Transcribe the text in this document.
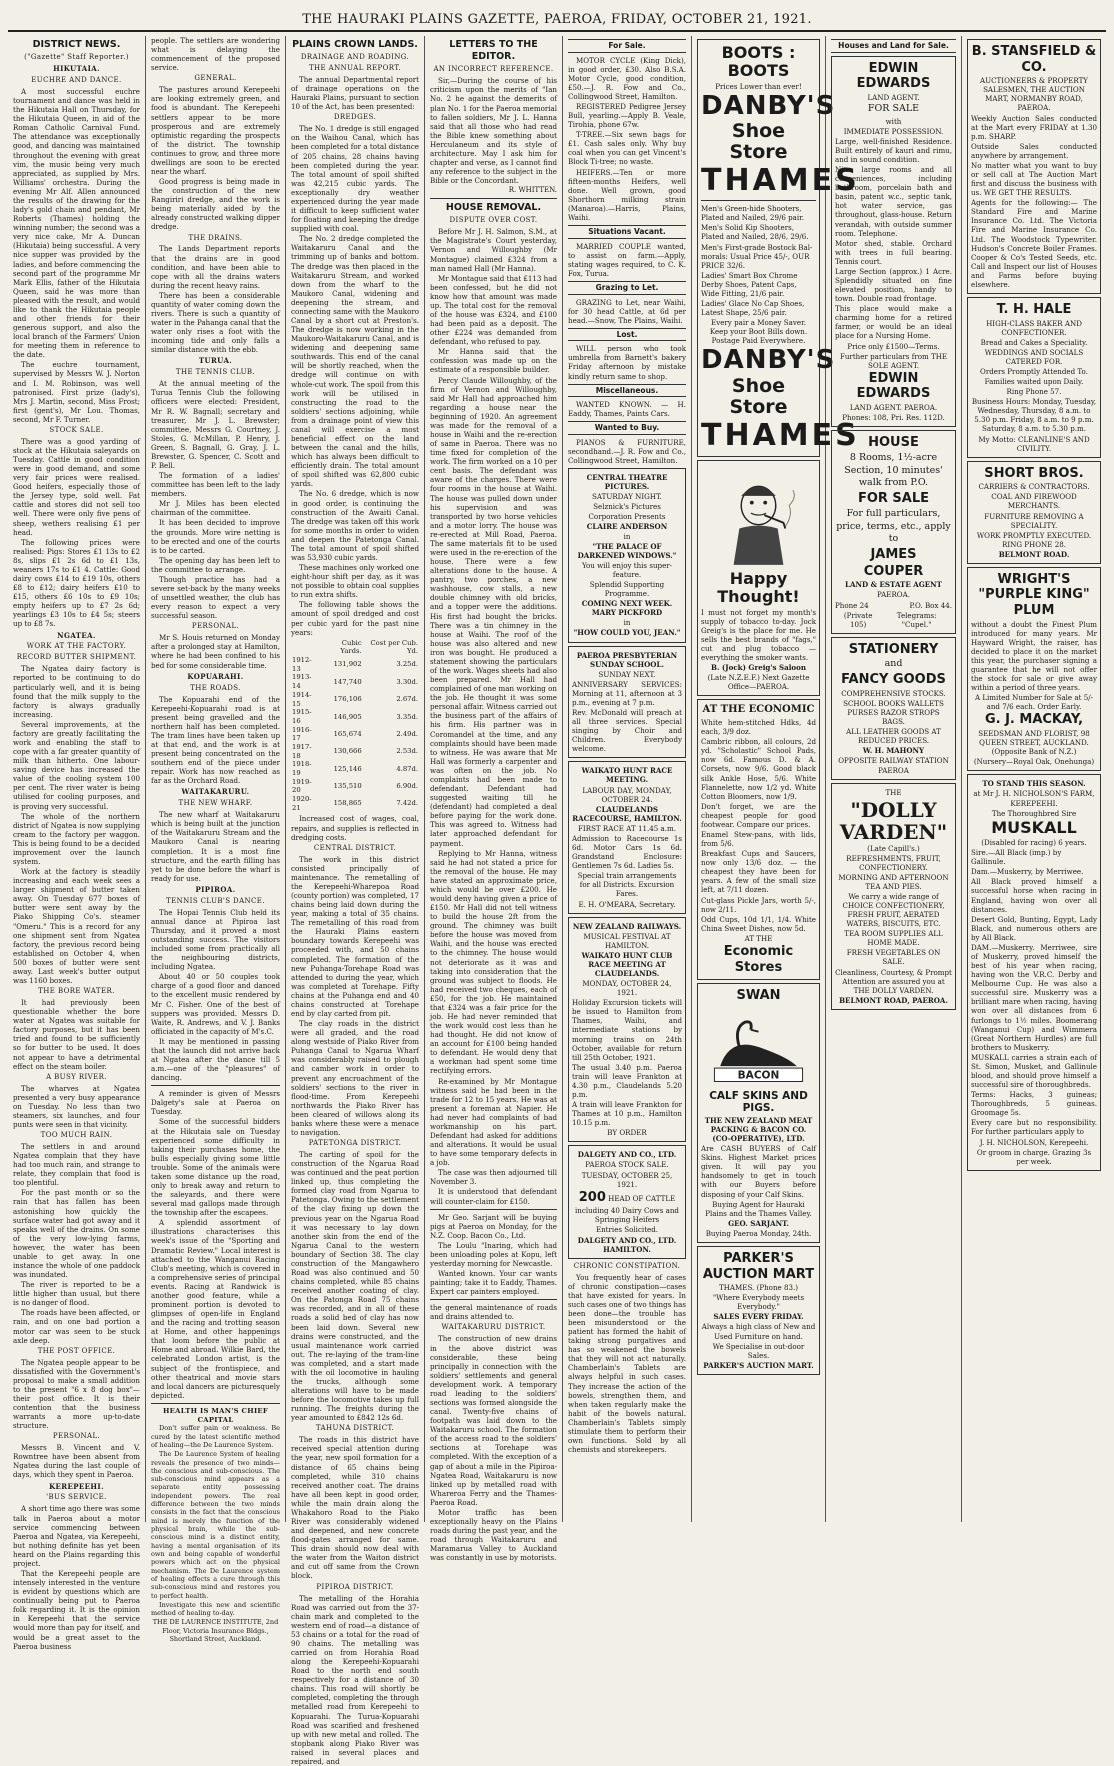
THE HAURAKI PLAINS GAZETTE, PAEROA, FRIDAY, OCTOBER 21, 1921.
DISTRICT NEWS.
("Gazette" Staff Reporter.)
HIKUTAIA.
EUCHRE AND DANCE.

A most successful euchre tournament and dance was held in the Hikutaia Hall on Thursday, for the Hikutaia Queen, in aid of the Roman Catholic Carnival Fund. The attendance was exceptionally good, and dancing was maintained throughout the evening with great vim, the music being very much appreciated, as supplied by Mrs. Williams' orchestra. During the evening Mr Alf. Allen announced the results of the drawing for the lady's gold chain and pendant, Mr Roberts (Thames) holding the winning number; the second was a very nice cake, Mr A. Duncan (Hikutaia) being successful. A very nice supper was provided by the ladies, and before commencing the second part of the programme Mr Mark Ellis, father of the Hikutaia Queen, said he was more than pleased with the result, and would like to thank the Hikutaia people and other friends for their generous support, and also the local branch of the Farmers' Union for meeting them in reference to the date.

The euchre tournament, supervised by Messrs W. J. Norton and I. M. Robinson, was well patronised. First prize (lady's), Mrs J. Martin, second, Miss Frost; first (gent's), Mr Lou. Thomas, second, Mr F. Turner.

STOCK SALE.

There was a good yarding of stock at the Hikutaia saleyards on Tuesday. Cattle in good condition were in good demand, and some very fair prices were realised. Good heifers, especially those of the Jersey type, sold well. Fat cattle and stores did not sell too well. There were only five pens of sheep, wethers realising £1 per head.

The following prices were realised: Pigs: Stores £1 13s to £2 8s, slips £1 2s 6d to £1 13s, weaners 17s to £1 4. Cattle: Good dairy cows £14 to £19 10s, others £8 to £12; dairy heifers £10 to £15, others £6 10s to £9 10s; empty heifers up to £7 2s 6d; yearlings £3 10s to £4 5s; steers up to £8 7s.

NGATEA.
WORK AT THE FACTORY.
RECORD BUTTER SHIPMENT.

The Ngatea dairy factory is reported to be continuing to do particularly well, and it is being found that the milk supply to the factory is always gradually increasing.

Several improvements, at the factory are greatly facilitating the work and enabling the staff to cope with a far greater quantity of milk than hitherto. One labour-saving device has increased the value of the cooling system 100 per cent. The river water is being utilised for cooling purposes, and is proving very successful.

The whole of the northern district of Ngatea is now supplying cream to the factory per waggon. This is being found to be a decided improvement over the launch system.

Work at the factory is steadily increasing and each week sees a larger shipment of butter taken away. On Tuesday 677 boxes of butter were sent away by the Piako Shipping Co's. steamer "Omeru." This is a record for any one shipment sent from Ngatea factory, the previous record being established on October 4, when 500 boxes of butter were sent away. Last week's butter output was 1160 boxes.

THE BORE WATER.

It had previously been questionable whether the bore water at Ngatea was suitable for factory purposes, but it has been tried and found to be sufficiently so for butter to be used. It does not appear to have a detrimental effect on the steam boiler.

A BUSY RIVER.

The wharves at Ngatea presented a very busy appearance on Tuesday. No less than two steamers, six launches, and four punts were seen in that vicinity.

TOO MUCH RAIN.

The settlers in and around Ngatea complain that they have had too much rain, and strange to relate, they complain that food is too plentiful.

For the past month or so the rain that has fallen has been astonishing how quickly the surface water had got away and it speaks well of the drains. On some of the very low-lying farms, however, the water has been unable to get away. In one instance the whole of one paddock was inundated.

The river is reported to be a little higher than usual, but there is no danger of flood.

The roads have been affected, or rain, and on one bad portion a motor car was seen to be stuck axle deep.

THE POST OFFICE.

The Ngatea people appear to be dissatisfied with the Government's proposal to make a small addition to the present "6 x 8 dog box"—their post office. It is their contention that the business warrants a more up-to-date structure.

PERSONAL.

Messrs B. Vincent and V. Rowntree have been absent from Ngatea during the last couple of days, which they spent in Paeroa.

KEREPEEHI.
'BUS SERVICE.

A short time ago there was some talk in Paeroa about a motor service commencing between Paeroa and Ngatea, via Kerepeehi, but nothing definite has yet been heard on the Plains regarding this project.

That the Kerepeehi people are intensely interested in the venture is evident by questions which are continually being put to Paeroa folk regarding it. It is the opinion in Kerepeehi that the service would more than pay for itself, and would be a great asset to the Paeroa business

people. The settlers are wondering what is delaying the commencement of the proposed service.

GENERAL.

The pastures around Kerepeehi are looking extremely green, and food is abundant. The Kerepeehi settlers appear to be more prosperous and are extremely optimistic regarding the prospects of the district. The township continues to grow, and three more dwellings are soon to be erected near the wharf.

Good progress is being made in the construction of the new Rangiriri dredge, and the work is being materially aided by the already constructed walking dipper dredge.

THE DRAINS.

The Lands Department reports that the drains are in good condition, and have been able to cope with all the drains waters during the recent heavy rains.

There has been a considerable quantity of water coming down the rivers. There is such a quantity of water in the Pahanga canal that the water only rises a foot with the incoming tide and only falls a similar distance with the ebb.

TURUA.
THE TENNIS CLUB.

At the annual meeting of the Turua Tennis Club the following officers were elected: President, Mr R. W. Bagnall; secretary and treasurer, Mr J. L. Brewster; committee, Messrs G. Courtney, J. Stoles, G. McMillan, P. Henry, J. Green, S. Bagnall, G. Gray, J. L. Brewster, G. Spencer, C. Scott and P. Bell.

The formation of a ladies' committee has been left to the lady members.

Mr J. Miles has been elected chairman of the committee.

It has been decided to improve the grounds. More wire netting is to be erected and one of the courts is to be carted.

The opening day has been left to the committee to arrange.

Though practice has had a severe set-back by the many weeks of unsettled weather, the club has every reason to expect a very successful season.

PERSONAL.

Mr S. Houis returned on Monday after a prolonged stay at Hamilton, where he had been confined to his bed for some considerable time.

KOPUARAHI.
THE ROADS.

The Kopuarahi end of the Kerepeehi-Kopuarahi road is at present being gravelled and the northern half has been completed. The tram lines have been taken up at that end, and the work is at present being concentrated on the southern end of the piece under repair. Work has now reached as far as the Orchard Road.

WAITAKARURU.
THE NEW WHARF.

The new wharf at Waitakaruru which is being built at the junction of the Waitakaruru Stream and the Maukoro Canal is nearing completion. It is a most fine structure, and the earth filling has yet to be done before the wharf is ready for use.

PIPIROA.
TENNIS CLUB'S DANCE.

The Hopai Tennis Club held its annual dance at Pipiroa last Thursday, and it proved a most outstanding success. The visitors included some from practically all the neighbouring districts, including Ngatea.

About 40 or 50 couples took charge of a good floor and danced to the excellent music rendered by Mr C. Fisher. One of the best of suppers was provided. Messrs D. Waite, R. Andrews, and V. J. Banks officiated in the capacity of M's.C.

It may be mentioned in passing that the launch did not arrive back at Ngatea after the dance till 5 a.m.—one of the "pleasures" of dancing.

A reminder is given of Messrs Dalgety's sale at Paeroa on Tuesday.

Some of the successful bidders at the Hikutaia sale on Tuesday experienced some difficulty in taking their purchases home, the bulls especially giving some little trouble. Some of the animals were taken some distance up the road, only to break away and return to the saleyards, and there were several mad gallops made through the township after the escapees.

A splendid assortment of illustrations characterises this week's issue of the "Sporting and Dramatic Review." Local interest is attached to the Wanganui Racing Club's meeting, which is covered in a comprehensive series of principal events. Racing at Randwick is another good feature, while a prominent portion is devoted to glimpses of open-life in England and the racing and trotting season at Home, and other happenings that loom before the public at Home and abroad. Wilkie Bard, the celebrated London artist, is the subject of the frontispiece, and other theatrical and movie stars and local dancers are picturesquely depicted.

HEALTH IS MAN'S CHIEF CAPITAL

Don't suffer pain or weakness. Be cured by the latest scientific method of healing—the De Laurence System.

The De Laurence System of healing reveals the presence of two minds—the conscious and sub-conscious. The sub-conscious mind appears as a separate entity possessing independent powers. The real difference between the two minds consists in the fact that the conscious mind is merely the function of the physical brain, while the sub-conscious mind is a distinct entity, having a mental organisation of its own and being capable of wonderful powers which act on the physical mechanism. The De Laurence system of healing effects a cure through this sub-conscious mind and restores you to perfect health.

Investigate this new and scientific method of healing to-day.

THE DE LAURENCE INSTITUTE, 2nd Floor, Victoria Insurance Bldgs., Shortland Street, Auckland.

PLAINS CROWN LANDS.
DRAINAGE AND ROADING.
THE ANNUAL REPORT.

The annual Departmental report of drainage operations on the Hauraki Plains, pursuant to section 10 of the Act, has been presented:

DREDGES.

The No. 1 dredge is still engaged on the Waihou Canal, which has been completed for a total distance of 205 chains, 28 chains having been completed during the year. The total amount of spoil shifted was 42,215 cubic yards. The exceptionally dry weather experienced during the year made it difficult to keep sufficient water for floating and keeping the dredge supplied with coal.

The No. 2 dredge completed the Waitakaruru Canal and the trimming up of banks and bottom. The dredge was then placed in the Waitakaruru Stream, and worked down from the wharf to the Maukoro Canal, widening and deepening the stream, and connecting same with the Maukoro Canal by a short cut at Preston's. The dredge is now working in the Maukoro-Waitakaruru Canal, and is widening and deepening same southwards. This end of the canal will be shortly reached, when the dredge will continue on with whole-cut work. The spoil from this work will be utilised in constructing the road to the soldiers' sections adjoining, while from a drainage point of view this canal will exercise a most beneficial effect on the land between the canal and the hills, which has always been difficult to efficiently drain. The total amount of spoil shifted was 62,800 cubic yards.

The No. 6 dredge, which is now in good order, is continuing the construction of the Awaiti Canal. The dredge was taken off this work for some months in order to widen and deepen the Patetonga Canal. The total amount of spoil shifted was 53,930 cubic yards.

These machines only worked one eight-hour shift per day, as it was not possible to obtain coal supplies to run extra shifts.

The following table shows the amount of spoil dredged and cost per cubic yard for the past nine years:

	Cubic Yards.	Cost per Cub. Yd.
1912-13	131,902	3.25d.
1913-14	147,740	3.30d.
1914-15	176,106	2.67d.
1915-16	146,905	3.35d.
1916-17	165,674	2.49d.
1917-18	130,666	2.53d.
1918-19	125,146	4.87d.
1919-20	135,510	6.90d.
1920-21	158,865	7.42d.

Increased cost of wages, coal, repairs, and supplies is reflected in dredging costs.

CENTRAL DISTRICT.

The work in this district consisted principally of maintenance. The remetalling of the Kerepeehi-Wharepoa Road (county portion) was completed, 17 chains being laid down during the year, making a total of 35 chains. The remetalling of this road from the Hauraki Plains eastern boundary towards Kerepeehi was proceeded with, and 50 chains completed. The formation of the new Puhanga-Torehape Road was attended to during the year, which was completed at Torehape. Fifty chains at the Puhanga end and 40 chains constructed at Torehape end by clay carted from pit.

The clay roads in the district were all graded, and the road along westside of Piako River from Puhanga Canal to Ngarua Wharf was considerably raised to plough and camber work in order to prevent any encroachment of the soldiers' sections to the river in flood-time. From Kerepeehi northwards the Piako River has been cleared of willows along its banks where these were a menace to navigation.

PATETONGA DISTRICT.

The carting of spoil for the construction of the Ngarua Road was continued and the peat portion linked up, thus completing the formed clay road from Ngarua to Patetonga. Owing to the settlement of the clay fixing up down the previous year on the Ngarua Road it was necessary to lay down another skin from the end of the Ngarua Canal to the western boundary of Section 38. The clay construction of the Mangawhero Road was also continued and 50 chains completed, while 85 chains received another coating of clay. On the Patonga Road 75 chains was recorded, and in all of these roads a solid bed of clay has now been laid down. Several new drains were constructed, and the usual maintenance work carried out. The re-laying of the tram-line was completed, and a start made with the oil locomotive in hauling the trucks, although some alterations will have to be made before the locomotive takes up full running. The freights during the year amounted to £842 12s 6d.

TAHUNA DISTRICT.

The roads in this district have received special attention during the year, new spoil formation for a distance of 65 chains being completed, while 310 chains received another coat. The drains have all been kept in good order, while the main drain along the Whakahoro Road to the Piako River was considerably widened and deepened, and new concrete flood-gates arranged for same. This drain should now deal with the water from the Waiton district and cut off same from the Crown block.

PIPIROA DISTRICT.

The metalling of the Horahia Road was carried out from the 37-chain mark and completed to the western end of road—a distance of 53 chains or a total for the road of 90 chains. The metalling was carried on from Horahia Road along the Kerepeehi-Kopuarahi Road to the north end south respectively for a distance of 30 chains. This road will shortly be completed, completing the through metalled road from Kerepeehi to Kopuarahi. The Turua-Kopuarahi Road was scarified and freshened up with new metal and rolled. The stopbank along Piako River was raised in several places and repaired, and

LETTERS TO THE EDITOR.
AN INCORRECT REFERENCE.

Sir,—During the course of his criticism upon the merits of "Ian No. 2 he against the demerits of plan No. 1 for the Paeroa memorial to fallen soldiers, Mr J. L. Hanna said that all those who had read the Bible knew something about Herculaneum and its style of architecture. May I ask him for chapter and verse, as I cannot find any reference to the subject in the Bible or the Concordant.

R. WHITTEN.
HOUSE REMOVAL.
DISPUTE OVER COST.

Before Mr J. H. Salmon, S.M., at the Magistrate's Court yesterday, Vernon and Willoughby (Mr Montague) claimed £324 from a man named Hall (Mr Hanna).

Mr Montague said that £113 had been confessed, but he did not know how that amount was made up. The total cost for the removal of the house was £324, and £100 had been paid as a deposit. The other £224 was demanded from defendant, who refused to pay.

Mr Hanna said that the confession was made up on the estimate of a responsible builder.

Percy Claude Willoughby, of the firm of Vernon and Willoughby, said Mr Hall had approached him regarding a house near the beginning of 1920. An agreement was made for the removal of a house in Waihi and the re-erection of same in Paeroa. There was no time fixed for completion of the work. The firm worked on a 10 per cent basis. The defendant was aware of the charges. There were four rooms in the house at Waihi. The house was pulled down under his supervision and was transported by two horse vehicles and a motor lorry. The house was re-erected at Mill Road, Paeroa. The same materials fit to be used were used in the re-erection of the house. There were a few alterations done to the house. A pantry, two porches, a new washhouse, cow stalls, a new double chimney with old bricks, and a topper were the additions. His first had bought the bricks. There was a tin chimney in the house at Waihi. The roof of the house was also altered and new iron was bought. He produced a statement showing the particulars of the work. Wages sheets had also been prepared. Mr Hall had complained of one man working on the job. He thought it was some personal affair. Witness carried out the business part of the affairs of his firm. His partner was in Coromandel at the time, and any complaints should have been made to witness. He was aware that Mr Hall was formerly a carpenter and was often on the job. No complaints had been made to defendant. Defendant had suggested waiting till he (defendant) had completed a deal before paying for the work done. This was agreed to. Witness had later approached defendant for payment.

Replying to Mr Hanna, witness said he had not stated a price for the removal of the house. He may have stated an approximate price, which would be over £200. He would deny having given a price of £150. Mr Hall did not tell witness to build the house 2ft from the ground. The chimney was built before the house was moved from Waihi, and the house was erected to the chimney. The house would not deteriorate as it was and taking into consideration that the ground was subject to floods. He had received two cheques, each of £50, for the job. He maintained that £324 was a fair price for the job. He had never reminded that the work would cost less than he had thought. He did not know of an account for £100 being handed to defendant. He would deny that a workman had spent some time rectifying errors.

Re-examined by Mr Montague witness said he had been in the trade for 12 to 15 years. He was at present a foreman at Napier. He had never had complaints of bad workmanship on his part. Defendant had asked for additions and alterations. It would be usual to have some temporary defects in a job.

The case was then adjourned till November 3.

It is understood that defendant will counter-claim for £150.

Mr Geo. Sarjant will be buying pigs at Paeroa on Monday, for the N.Z. Coop. Bacon Co., Ltd.

The Loulu "Inaring, which had been unloading poles at Kopu, left yesterday morning for Newcastle.

Wanted known. Your car wants painting; take it to Eaddy, Thames. Expert car painters employed.

the general maintenance of roads and drains attended to.

WAITAKARURU DISTRICT.

The construction of new drains in the above district was considerable, these being principally in connection with the soldiers' settlements and general development work. A temporary road leading to the soldiers' sections was formed alongside the canal. Twenty-five chains of footpath was laid down to the Waitakaruru school. The formation of the access road to the soldiers' sections at Torehape was completed. With the exception of a gap of about a mile in the Pipiroa-Ngatea Road, Waitakaruru is now linked up by metalled road with Whareroa Ferry and the Thames-Paeroa Road.

Motor traffic has been exceptionally heavy on the Plains roads during the past year, and the road through Waitakaruru and Maramarua Valley to Auckland was constantly in use by motorists.

For Sale.

MOTOR CYCLE (King Dick), in good order, £30. Also B.S.A. Motor Cycle, good condition, £50.—J. R. Fow and Co., Collingwood Street, Hamilton.

REGISTERED Pedigree Jersey Bull, yearling.—Apply B. Veale, Tirohia, phone 67w.

T-TREE.—Six sewn bags for £1. Cash sales only. Why buy coal when you can get Vincent's Block Ti-tree; no waste.

HEIFERS.—Ten or more fifteen-months Heifers, well done. Well grown, good Shorthorn milking strain (Manaroa).—Harris, Plains, Waihi.

Situations Vacant.

MARRIED COUPLE wanted, to assist on farm.—Apply, stating wages required, to C. K. Fox, Turua.

Grazing to Let.

GRAZING to Let, near Waihi, for 30 head Cattle, at 6d per head.—Snow, The Plains, Waihi.

Lost.

WILL person who took umbrella from Barnett's bakery Friday afternoon by mistake kindly return same to shop.

Miscellaneous.

WANTED KNOWN. — H. Eaddy, Thames, Paints Cars.

Wanted to Buy.

PIANOS & FURNITURE, secondhand.—J. R. Fow and Co., Collingwood Street, Hamilton.

CENTRAL THEATRE PICTURES.

SATURDAY NIGHT.

Selznick's Pictures Corporation Presents

CLAIRE ANDERSON

in

"THE PALACE OF DARKENED WINDOWS."

You will enjoy this super-feature.

Splendid Supporting Programme.

COMING NEXT WEEK. MARY PICKFORD

in

"HOW COULD YOU, JEAN."

PAEROA PRESBYTERIAN SUNDAY SCHOOL.

SUNDAY NEXT.

ANNIVERSARY SERVICES: Morning at 11, afternoon at 3 p.m., evening at 7 p.m.

Rev. McDonald will preach at all three services. Special singing by Choir and Children. Everybody welcome.

WAIKATO HUNT RACE MEETING.

LABOUR DAY, MONDAY, OCTOBER 24.

CLAUDELANDS RACECOURSE, HAMILTON.

FIRST RACE AT 11.45 a.m.

Admission to Racecourse 1s 6d. Motor Cars 1s 6d. Grandstand Enclosure: Gentlemen 7s 6d. Ladies 5s.

Special train arrangements for all Districts. Excursion Fares.

E. H. O'MEARA, Secretary.

NEW ZEALAND RAILWAYS.

MUSICAL FESTIVAL AT HAMILTON.

WAIKATO HUNT CLUB RACE MEETING AT CLAUDELANDS.

MONDAY, OCTOBER 24, 1921.

Holiday Excursion tickets will be issued to Hamilton from Thames, Waihi, and intermediate stations by morning trains on 24th October, available for return till 25th October, 1921.

The usual 3.40 p.m. Paeroa train will leave Frankton at 4.30 p.m., Claudelands 5.20 p.m.

A train will leave Frankton for Thames at 10 p.m., Hamilton 10.15 p.m.

BY ORDER

DALGETY AND CO., LTD.

PAEROA STOCK SALE.

TUESDAY, OCTOBER 25, 1921.

200 HEAD OF CATTLE

including 40 Dairy Cows and Springing Heifers

Entries Solicited.

DALGETY AND CO., LTD. HAMILTON.

CHRONIC CONSTIPATION.

You frequently hear of cases of chronic constipation—cases that have existed for years. In such cases one of two things has been done—the trouble has been misunderstood or the patient has formed the habit of taking strong purgatives and has so weakened the bowels that they will not act naturally. Chamberlain's Tablets are always helpful in such cases. They increase the action of the bowels, strengthen them, and when taken regularly make the habit of the bowels natural. Chamberlain's Tablets simply stimulate them to perform their own functions. Sold by all chemists and storekeepers.

BOOTS : BOOTS

Prices Lower than ever!

DANBY'S

Shoe Store

THAMES

Men's Green-hide Shooters, Plated and Nailed, 29/6 pair.

Men's Solid Kip Shooters, Plated and Nailed, 28/6, 29/6.

Men's First-grade Bostock Bal-morals: Usual Price 45/-, OUR PRICE 32/6.

Ladies' Smart Box Chrome Derby Shoes, Patent Caps, Wide Fitting, 21/6 pair.

Ladies' Glace No Cap Shoes, Latest Shape, 25/6 pair.

Every pair a Money Saver. Keep your Boot Bills down. Postage Paid Everywhere.

DANBY'S

Shoe Store

THAMES

Happy Thought!

I must not forget my month's supply of tobacco to-day. Jock Greig's is the place for me. He sells the best brands of "fags," cut and plug tobacco — everything the smoker wants.

B. (Jock) Greig's Saloon

(Late N.Z.E.F.) Next Gazette Office—PAEROA.

AT THE ECONOMIC

White hem-stitched Hdks, 4d each, 3/9 doz.

Cambric ribbon, all colours, 2d yd. "Scholastic" School Pads, now 6d. Famous D. & A. Corsets, now 9/6. Good black silk Ankle Hose, 5/6. White Flannelette, now 1/2 yd. White Cotton Bloomers, now 1/9.

Don't forget, we are the cheapest people for good footwear. Compare our prices.

Enamel Stew-pans, with lids, from 5/6.

Breakfast Cups and Saucers, now only 13/6 doz. — the cheapest they have been for years. A few of the small size left, at 7/11 dozen.

Cut-glass Pickle Jars, worth 5/-, now 2/11.

Odd Cups, 10d 1/1, 1/4. White China Sweet Dishes, now 5d.

AT THE

Economic Stores

SWAN

BACON

CALF SKINS AND PIGS.

THE NEW ZEALAND MEAT PACKING & BACON CO. (CO-OPERATIVE), LTD.

Are CASH BUYERS of Calf Skins. Highest Market prices given. It will pay you handsomely to get in touch with our Buyers before disposing of your Calf Skins.

Buying Agent for Hauraki Plains and the Thames Valley.

GEO. SARJANT.

Buying Paeroa Monday, 24th.

PARKER'S AUCTION MART

THAMES. (Phone 83.)

"Where Everybody meets Everybody."

SALES EVERY FRIDAY.

Always a high class of New and Used Furniture on hand.

We Specialise in out-door Sales.

PARKER'S AUCTION MART.

Houses and Land for Sale.

EDWIN EDWARDS

LAND AGENT.

FOR SALE

with

IMMEDIATE POSSESSION.

Large, well-finished Residence. Built entirely of kauri and rimu, and in sound condition.

Nine large rooms and all conveniences, including bathroom, porcelain bath and basin, patent w.c., septic tank, hot water service, gas throughout, glass-house. Return verandah, with outside summer room. Telephone.

Motor shed, stable. Orchard with trees in full bearing. Tennis court.

Large Section (approx.) 1 Acre. Splendidly situated on fine elevated position, handy to town. Double road frontage.

This place would make a charming home for a retired farmer, or would be an ideal place for a Nursing Home.

Price only £1500—Terms.

Further particulars from THE SOLE AGENT.

EDWIN EDWARDS

LAND AGENT. PAEROA.

Phones: 108, Pri. Res. 112D.

HOUSE

8 Rooms, 1½-acre Section, 10 minutes' walk from P.O.

FOR SALE

For full particulars, price, terms, etc., apply to

JAMES

COUPER

LAND & ESTATE AGENT

PAEROA.

Phone 24	P.O. Box 44.

(Private 105)
Telegrams: "Cupel."

STATIONERY

and

FANCY GOODS

COMPREHENSIVE STOCKS.

SCHOOL BOOKS WALLETS PURSES RAZOR STROPS BAGS.

ALL LEATHER GOODS AT REDUCED PRICES.

W. H. MAHONY

OPPOSITE RAILWAY STATION

PAEROA

THE

"DOLLY VARDEN"

(Late Capill's.)

REFRESHMENTS, FRUIT, CONFECTIONERY.

MORNING AND AFTERNOON TEA AND PIES.

We carry a wide range of CHOICE CONFECTIONERY, FRESH FRUIT, AERATED WATERS, BISCUITS, ETC.

TEA ROOM SUPPLIES ALL HOME MADE.

FRESH VEGETABLES ON SALE.

Cleanliness, Courtesy, & Prompt Attention are assured you at THE DOLLY VARDEN.

BELMONT ROAD, PAEROA.

B. STANSFIELD & CO.

AUCTIONEERS & PROPERTY SALESMEN, THE AUCTION MART, NORMANBY ROAD, PAEROA.

Weekly Auction Sales conducted at the Mart every FRIDAY at 1.30 p.m. SHARP.

Outside Sales conducted anywhere by arrangement.

No matter what you want to buy or sell call at The Auction Mart first and discuss the business with us. WE GET THE RESULTS.

Agents for the following:— The Standard Fire and Marine Insurance Co. Ltd. The Victoria Fire and Marine Insurance Co. Ltd. The Woodstock Typewriter. Hudson's Concrete Boiler Frames. Cooper & Co's Tested Seeds, etc. Call and Inspect our list of Houses and Farms before buying elsewhere.

T. H. HALE

HIGH-CLASS BAKER AND CONFECTIONER.

Bread and Cakes a Speciality.

WEDDINGS AND SOCIALS CATERED FOR.

Orders Promptly Attended To.

Families waited upon Daily.

Ring Phone 57.

Business Hours: Monday, Tuesday, Wednesday, Thursday, 8 a.m. to 5.30 p.m. Friday, 8 a.m. to 9 p.m. Saturday, 8 a.m. to 5.30 p.m.

My Motto: CLEANLINE'S AND CIVILITY.

SHORT BROS.

CARRIERS & CONTRACTORS.

COAL AND FIREWOOD MERCHANTS.

FURNITURE REMOVING A SPECIALITY.

WORK PROMPTLY EXECUTED. RING PHONE 28.

BELMONT ROAD.

WRIGHT'S "PURPLE KING" PLUM

without a doubt the Finest Plum introduced for many years. Mr Hayward Wright, the raiser, has decided to place it on the market this year, the purchaser signing a guarantee that he will not offer the stock for sale or give away within a period of three years.

A Limited Number for Sale at 5/- and 7/6 each. Order Early.

G. J. MACKAY,

SEEDSMAN AND FLORIST, 98 QUEEN STREET, AUCKLAND. (Opposite Bank of N.Z.)

(Nursery—Royal Oak, Onehunga)

TO STAND THIS SEASON.

at Mr J. H. NICHOLSON'S FARM, KEREPEEHI.

The Thoroughbred Sire

MUSKALL

(Disabled for racing) 6 years.

Sire.—All Black (imp.) by Gallinule.

Dam.—Muskerry, by Merriwee.

All Black proved himself a successful horse when racing in England, having won over all distances.

Desert Gold, Bunting, Egypt, Lady Black, and numerous others are by All Black.

DAM.—Muskerry. Merriwee, sire of Muskerry, proved himself the best of his year when racing, having won the V.R.C. Derby and Melbourne Cup. He was also a successful sire. Muskerry was a brilliant mare when racing, having won over all distances from 6 furlongs to 1½ miles. Boomerang (Wanganui Cup) and Wimmera (Great Northern Hurdles) are full brothers to Muskerry.

MUSKALL carries a strain each of St. Simon, Musket, and Gallinule blood, and should prove himself a successful sire of thoroughbreds.

Terms: Hacks, 3 guineas; Thoroughbreds, 5 guineas. Groomage 5s.

Every care but no responsibility. For further particulars apply to

J. H. NICHOLSON, Kerepeehi.

Or groom in charge. Grazing 3s per week.
